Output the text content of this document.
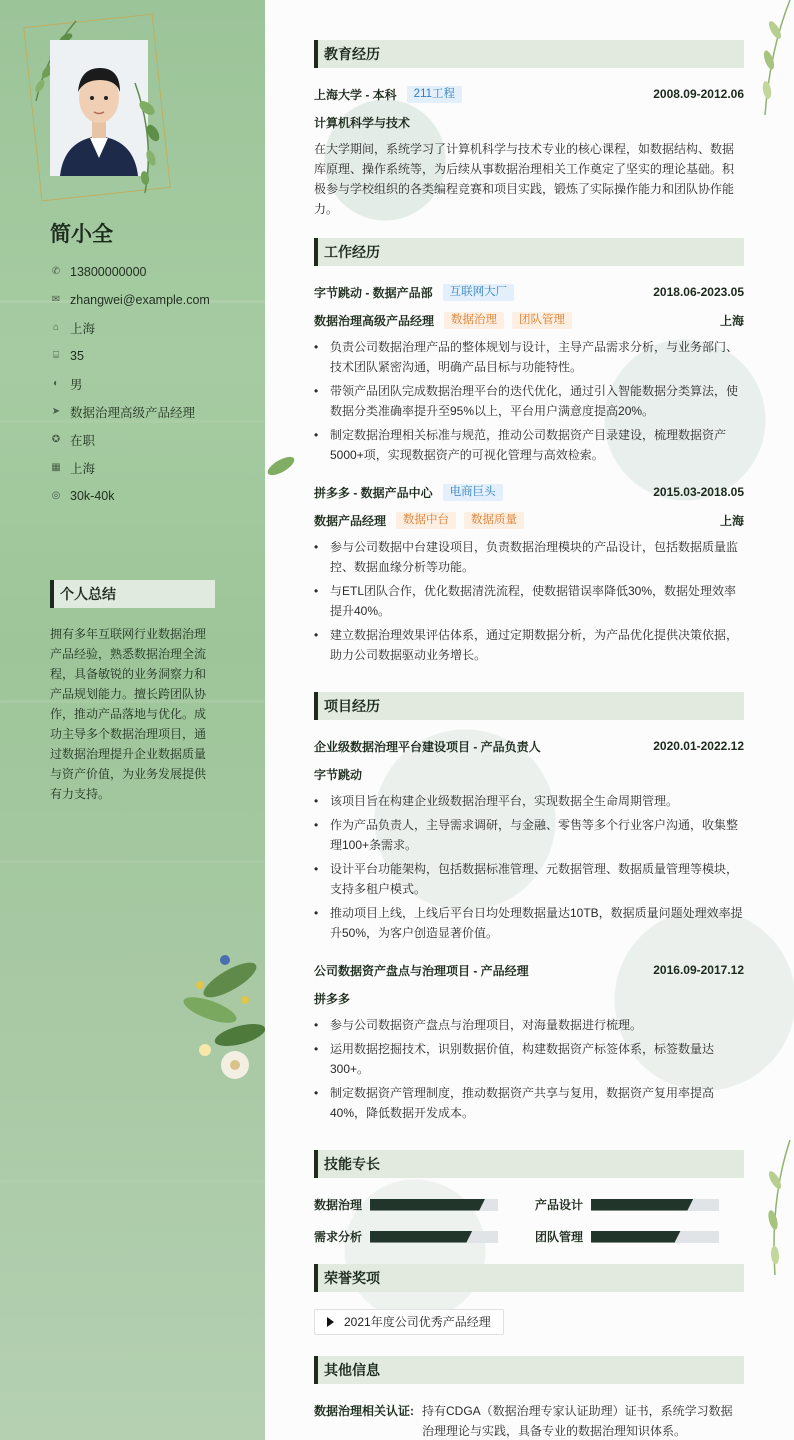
简小全
✆ 13800000000
✉ zhangwei@example.com
⌂ 上海
⌸ 35
◐ 男
➤ 数据治理高级产品经理
✪ 在职
▦ 上海
◎ 30k-40k
个人总结
拥有多年互联网行业数据治理产品经验，熟悉数据治理全流程，具备敏锐的业务洞察力和产品规划能力。擅长跨团队协作，推动产品落地与优化。成功主导多个数据治理项目，通过数据治理提升企业数据质量与资产价值，为业务发展提供有力支持。
教育经历
上海大学 - 本科	211工程	2008.09-2012.06
计算机科学与技术
在大学期间，系统学习了计算机科学与技术专业的核心课程，如数据结构、数据库原理、操作系统等，为后续从事数据治理相关工作奠定了坚实的理论基础。积极参与学校组织的各类编程竞赛和项目实践，锻炼了实际操作能力和团队协作能力。
工作经历
字节跳动 - 数据产品部	互联网大厂	2018.06-2023.05
数据治理高级产品经理	数据治理	团队管理	上海
• 负责公司数据治理产品的整体规划与设计，主导产品需求分析，与业务部门、技术团队紧密沟通，明确产品目标与功能特性。
• 带领产品团队完成数据治理平台的迭代优化，通过引入智能数据分类算法，使数据分类准确率提升至95%以上，平台用户满意度提高20%。
• 制定数据治理相关标准与规范，推动公司数据资产目录建设，梳理数据资产5000+项，实现数据资产的可视化管理与高效检索。
拼多多 - 数据产品中心	电商巨头	2015.03-2018.05
数据产品经理	数据中台	数据质量	上海
• 参与公司数据中台建设项目，负责数据治理模块的产品设计，包括数据质量监控、数据血缘分析等功能。
• 与ETL团队合作，优化数据清洗流程，使数据错误率降低30%，数据处理效率提升40%。
• 建立数据治理效果评估体系，通过定期数据分析，为产品优化提供决策依据，助力公司数据驱动业务增长。
项目经历
企业级数据治理平台建设项目 - 产品负责人	2020.01-2022.12
字节跳动
• 该项目旨在构建企业级数据治理平台，实现数据全生命周期管理。
• 作为产品负责人，主导需求调研，与金融、零售等多个行业客户沟通，收集整理100+条需求。
• 设计平台功能架构，包括数据标准管理、元数据管理、数据质量管理等模块，支持多租户模式。
• 推动项目上线，上线后平台日均处理数据量达10TB，数据质量问题处理效率提升50%，为客户创造显著价值。
公司数据资产盘点与治理项目 - 产品经理	2016.09-2017.12
拼多多
• 参与公司数据资产盘点与治理项目，对海量数据进行梳理。
• 运用数据挖掘技术，识别数据价值，构建数据资产标签体系，标签数量达300+。
• 制定数据资产管理制度，推动数据资产共享与复用，数据资产复用率提高40%，降低数据开发成本。
技能专长
数据治理	产品设计
需求分析	团队管理
荣誉奖项
2021年度公司优秀产品经理
其他信息
数据治理相关认证: 持有CDGA（数据治理专家认证助理）证书，系统学习数据治理理论与实践，具备专业的数据治理知识体系。
